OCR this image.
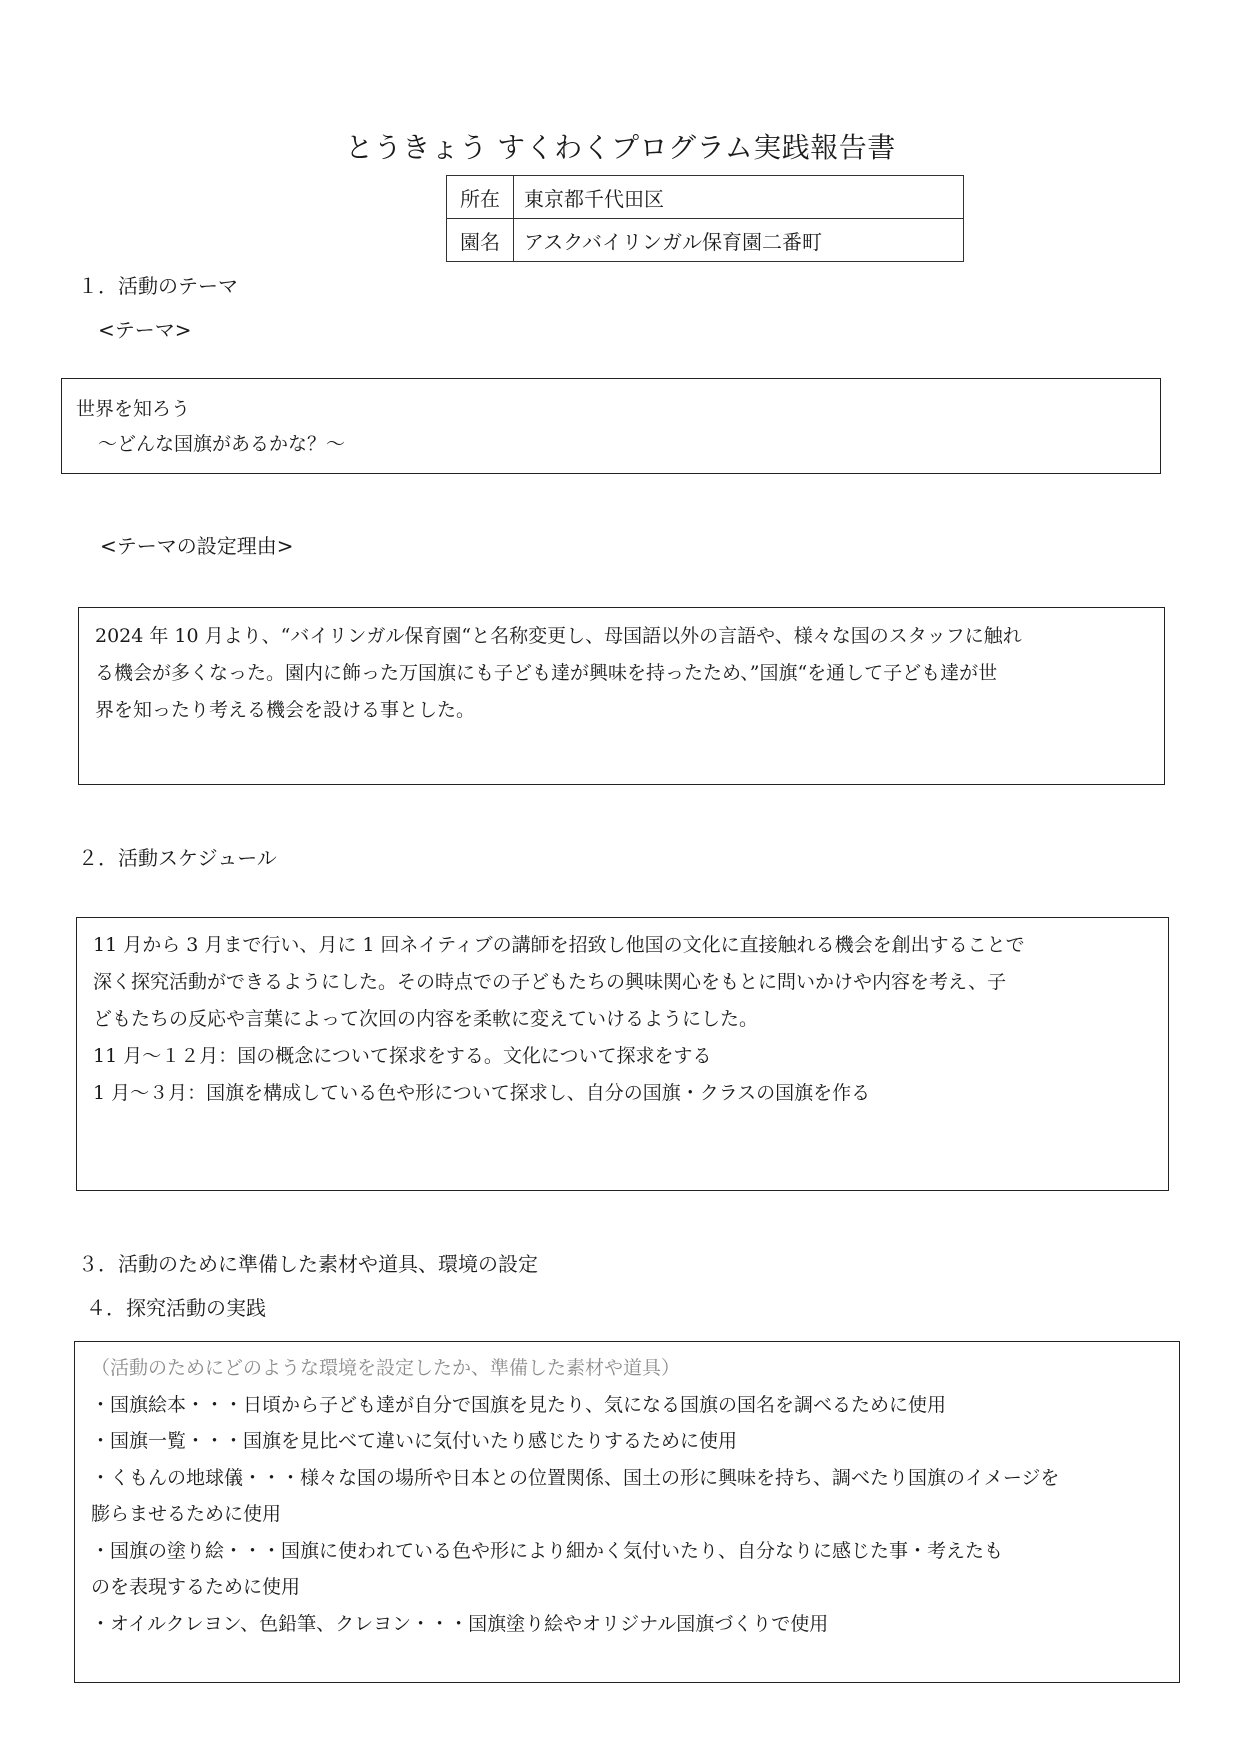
とうきょう すくわくプログラム実践報告書
所在	東京都千代田区
園名	アスクバイリンガル保育園二番町
１．活動のテーマ
<テーマ>

世界を知ろう

～どんな国旗があるかな？～

<テーマの設定理由>

2024 年 10 月より、“バイリンガル保育園“と名称変更し、母国語以外の言語や、様々な国のスタッフに触れ

る機会が多くなった。園内に飾った万国旗にも子ども達が興味を持ったため、”国旗“を通して子ども達が世

界を知ったり考える機会を設ける事とした。

２．活動スケジュール

11 月から 3 月まで行い、月に 1 回ネイティブの講師を招致し他国の文化に直接触れる機会を創出することで

深く探究活動ができるようにした。その時点での子どもたちの興味関心をもとに問いかけや内容を考え、子

どもたちの反応や言葉によって次回の内容を柔軟に変えていけるようにした。

11 月～１２月：国の概念について探求をする。文化について探求をする

1 月～３月：国旗を構成している色や形について探求し、自分の国旗・クラスの国旗を作る

３．活動のために準備した素材や道具、環境の設定
４．探究活動の実践

（活動のためにどのような環境を設定したか、準備した素材や道具）

・国旗絵本・・・日頃から子ども達が自分で国旗を見たり、気になる国旗の国名を調べるために使用

・国旗一覧・・・国旗を見比べて違いに気付いたり感じたりするために使用

・くもんの地球儀・・・様々な国の場所や日本との位置関係、国土の形に興味を持ち、調べたり国旗のイメージを

膨らませるために使用

・国旗の塗り絵・・・国旗に使われている色や形により細かく気付いたり、自分なりに感じた事・考えたも

のを表現するために使用

・オイルクレヨン、色鉛筆、クレヨン・・・国旗塗り絵やオリジナル国旗づくりで使用
